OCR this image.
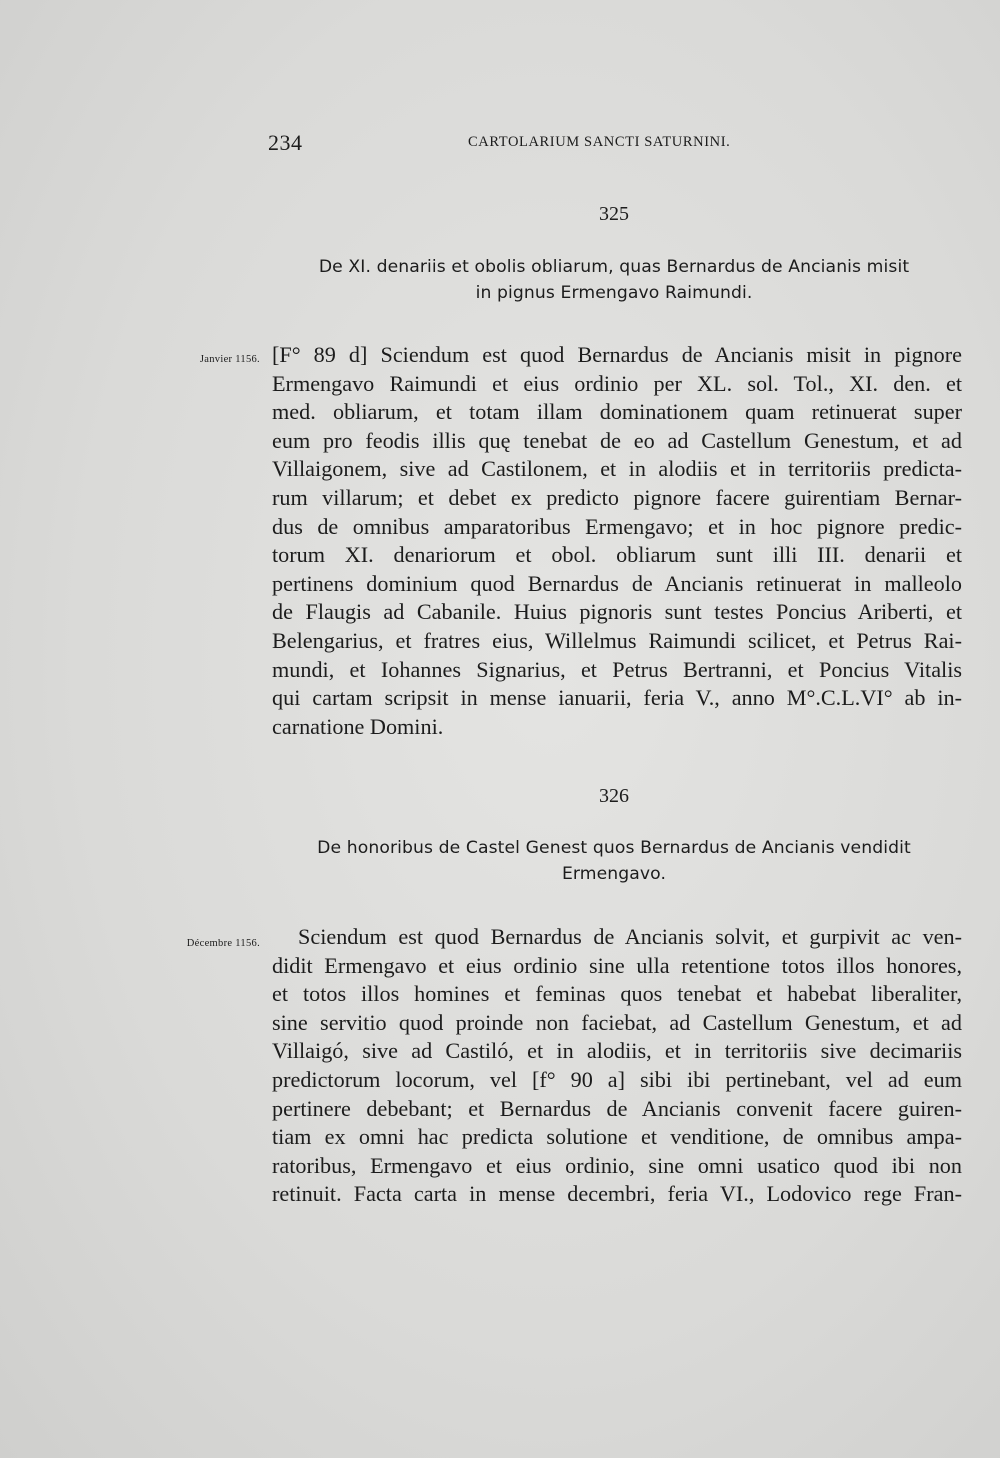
234	CARTOLARIUM SANCTI SATURNINI.
325
De XI. denariis et obolis obliarum, quas Bernardus de Ancianis misit
in pignus Ermengavo Raimundi.
Janvier 1156. [F° 89 d] Sciendum est quod Bernardus de Ancianis misit in pignore
Ermengavo Raimundi et eius ordinio per XL. sol. Tol., XI. den. et
med. obliarum, et totam illam dominationem quam retinuerat super
eum pro feodis illis quę tenebat de eo ad Castellum Genestum, et ad
Villaigonem, sive ad Castilonem, et in alodiis et in territoriis predicta-
rum villarum; et debet ex predicto pignore facere guirentiam Bernar-
dus de omnibus amparatoribus Ermengavo; et in hoc pignore predic-
torum XI. denariorum et obol. obliarum sunt illi III. denarii et
pertinens dominium quod Bernardus de Ancianis retinuerat in malleolo
de Flaugis ad Cabanile. Huius pignoris sunt testes Poncius Ariberti, et
Belengarius, et fratres eius, Willelmus Raimundi scilicet, et Petrus Rai-
mundi, et Iohannes Signarius, et Petrus Bertranni, et Poncius Vitalis
qui cartam scripsit in mense ianuarii, feria V., anno M°.C.L.VI° ab in-
carnatione Domini.
326
De honoribus de Castel Genest quos Bernardus de Ancianis vendidit
Ermengavo.
Décembre 1156.	Sciendum est quod Bernardus de Ancianis solvit, et gurpivit ac ven-
didit Ermengavo et eius ordinio sine ulla retentione totos illos honores,
et totos illos homines et feminas quos tenebat et habebat liberaliter,
sine servitio quod proinde non faciebat, ad Castellum Genestum, et ad
Villaigó, sive ad Castiló, et in alodiis, et in territoriis sive decimariis
predictorum locorum, vel [f° 90 a] sibi ibi pertinebant, vel ad eum
pertinere debebant; et Bernardus de Ancianis convenit facere guiren-
tiam ex omni hac predicta solutione et venditione, de omnibus ampa-
ratoribus, Ermengavo et eius ordinio, sine omni usatico quod ibi non
retinuit. Facta carta in mense decembri, feria VI., Lodovico rege Fran-
